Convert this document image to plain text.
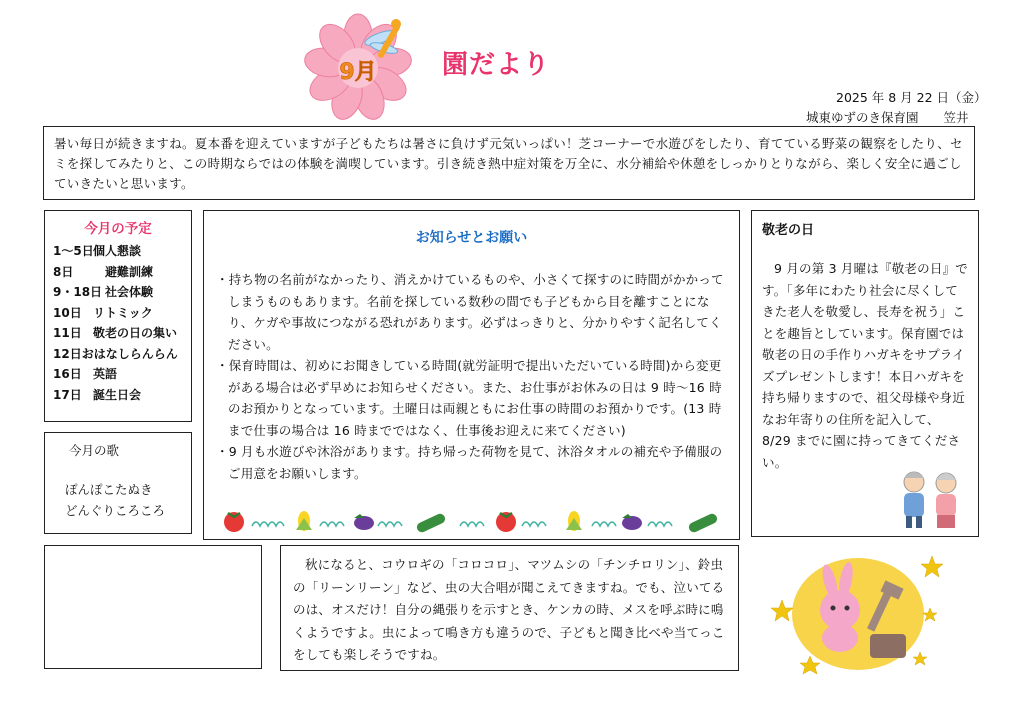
9月	園だより
2025 年 8 月 22 日（金）
城東ゆずのき保育園　　笠井

暑い毎日が続きますね。夏本番を迎えていますが子どもたちは暑さに負けず元気いっぱい！芝コーナーで水遊びをしたり、育てている野菜の観察をしたり、セミを探してみたりと、この時期ならではの体験を満喫しています。引き続き熱中症対策を万全に、水分補給や休憩をしっかりとりながら、楽しく安全に過ごしていきたいと思います。

今月の予定
1～5日個人懇談
8日　避難訓練
9・18日 社会体験
10日 リトミック
11日 敬老の日の集い
12日おはなしらんらん
16日 英語
17日 誕生日会
今月の歌
ぽんぽこたぬき
どんぐりころころ
お知らせとお願い
・持ち物の名前がなかったり、消えかけているものや、小さくて探すのに時間がかかってしまうものもあります。名前を探している数秒の間でも子どもから目を離すことになり、ケガや事故につながる恐れがあります。必ずはっきりと、分かりやすく記名してください。
・保育時間は、初めにお聞きしている時間(就労証明で提出いただいている時間)から変更がある場合は必ず早めにお知らせください。また、お仕事がお休みの日は 9 時～16 時のお預かりとなっています。土曜日は両親ともにお仕事の時間のお預かりです。(13 時まで仕事の場合は 16 時までではなく、仕事後お迎えに来てください)
・9 月も水遊びや沐浴があります。持ち帰った荷物を見て、沐浴タオルの補充や予備服のご用意をお願いします。
敬老の日

9 月の第 3 月曜は『敬老の日』です。「多年にわたり社会に尽くしてきた老人を敬愛し、長寿を祝う」ことを趣旨としています。保育園では敬老の日の手作りハガキをサプライズプレゼントします！本日ハガキを持ち帰りますので、祖父母様や身近なお年寄りの住所を記入して、8/29 までに園に持ってきてください。

秋になると、コウロギの「コロコロ」、マツムシの「チンチロリン」、鈴虫の「リーンリーン」など、虫の大合唱が聞こえてきますね。でも、泣いてるのは、オスだけ！自分の縄張りを示すとき、ケンカの時、メスを呼ぶ時に鳴くようですよ。虫によって鳴き方も違うので、子どもと聞き比べや当てっこをしても楽しそうですね。
